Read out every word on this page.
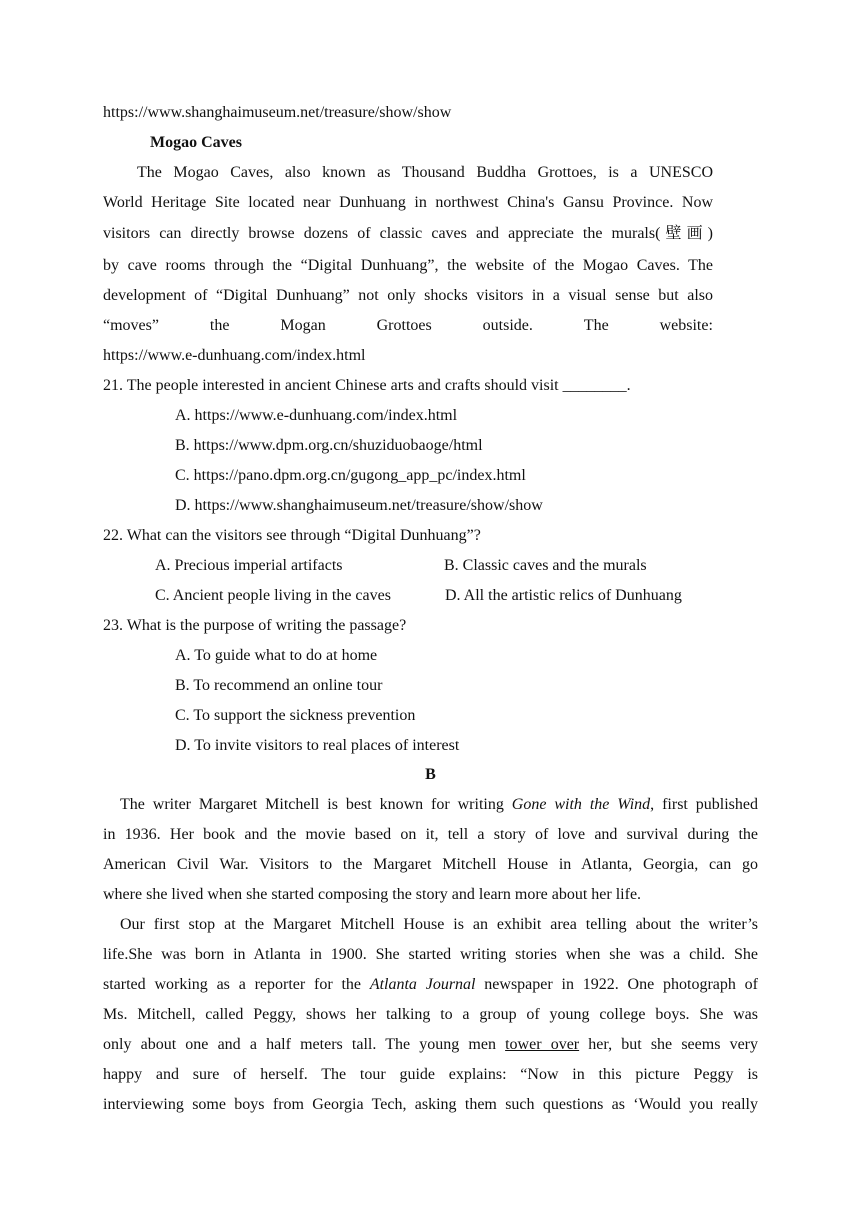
https://www.shanghaimuseum.net/treasure/show/show
Mogao Caves
The Mogao Caves, also known as Thousand Buddha Grottoes, is a UNESCO
World Heritage Site located near Dunhuang in northwest China's Gansu Province. Now
visitors can directly browse dozens of classic caves and appreciate the murals(壁画)
by cave rooms through the “Digital Dunhuang”, the website of the Mogao Caves. The
development of “Digital Dunhuang” not only shocks visitors in a visual sense but also
“moves”	the	Mogan	Grottoes	outside.	The	website:
https://www.e-dunhuang.com/index.html
21. The people interested in ancient Chinese arts and crafts should visit ________.
A. https://www.e-dunhuang.com/index.html
B. https://www.dpm.org.cn/shuziduobaoge/html
C. https://pano.dpm.org.cn/gugong_app_pc/index.html
D. https://www.shanghaimuseum.net/treasure/show/show
22. What can the visitors see through “Digital Dunhuang”?
A. Precious imperial artifacts	B. Classic caves and the murals
C. Ancient people living in the caves	D. All the artistic relics of Dunhuang
23. What is the purpose of writing the passage?
A. To guide what to do at home
B. To recommend an online tour
C. To support the sickness prevention
D. To invite visitors to real places of interest
B
The writer Margaret Mitchell is best known for writing Gone with the Wind, first published
in 1936. Her book and the movie based on it, tell a story of love and survival during the
American Civil War. Visitors to the Margaret Mitchell House in Atlanta, Georgia, can go
where she lived when she started composing the story and learn more about her life.
Our first stop at the Margaret Mitchell House is an exhibit area telling about the writer’s
life.She was born in Atlanta in 1900. She started writing stories when she was a child. She
started working as a reporter for the Atlanta Journal newspaper in 1922. One photograph of
Ms. Mitchell, called Peggy, shows her talking to a group of young college boys. She was
only about one and a half meters tall. The young men tower over her, but she seems very
happy and sure of herself. The tour guide explains: “Now in this picture Peggy is
interviewing some boys from Georgia Tech, asking them such questions as ‘Would you really
